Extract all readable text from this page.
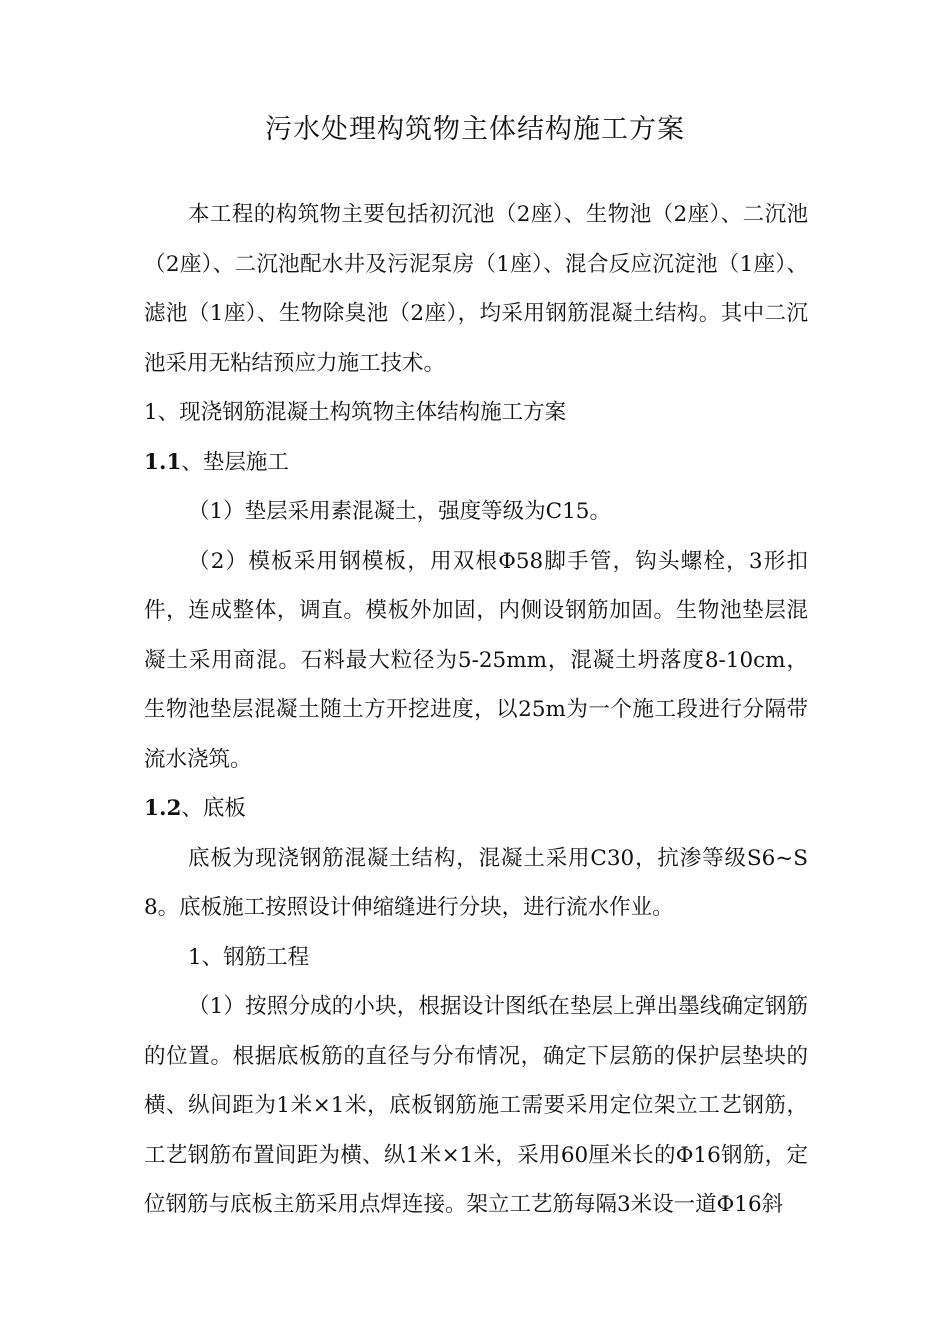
污水处理构筑物主体结构施工方案

本工程的构筑物主要包括初沉池（2座）、生物池（2座）、二沉池（2座）、二沉池配水井及污泥泵房（1座）、混合反应沉淀池（1座）、滤池（1座）、生物除臭池（2座），均采用钢筋混凝土结构。其中二沉池采用无粘结预应力施工技术。

1、现浇钢筋混凝土构筑物主体结构施工方案

1.1、垫层施工

（1）垫层采用素混凝土，强度等级为C15。

（2）模板采用钢模板，用双根Φ58脚手管，钩头螺栓，3形扣件，连成整体，调直。模板外加固，内侧设钢筋加固。生物池垫层混凝土采用商混。石料最大粒径为5-25mm，混凝土坍落度8-10cm，生物池垫层混凝土随土方开挖进度，以25m为一个施工段进行分隔带流水浇筑。

1.2、底板

底板为现浇钢筋混凝土结构，混凝土采用C30，抗渗等级S6~S8。底板施工按照设计伸缩缝进行分块，进行流水作业。

1、钢筋工程

（1）按照分成的小块，根据设计图纸在垫层上弹出墨线确定钢筋的位置。根据底板筋的直径与分布情况，确定下层筋的保护层垫块的横、纵间距为1米×1米，底板钢筋施工需要采用定位架立工艺钢筋，工艺钢筋布置间距为横、纵1米×1米，采用60厘米长的Φ16钢筋，定位钢筋与底板主筋采用点焊连接。架立工艺筋每隔3米设一道Φ16斜
